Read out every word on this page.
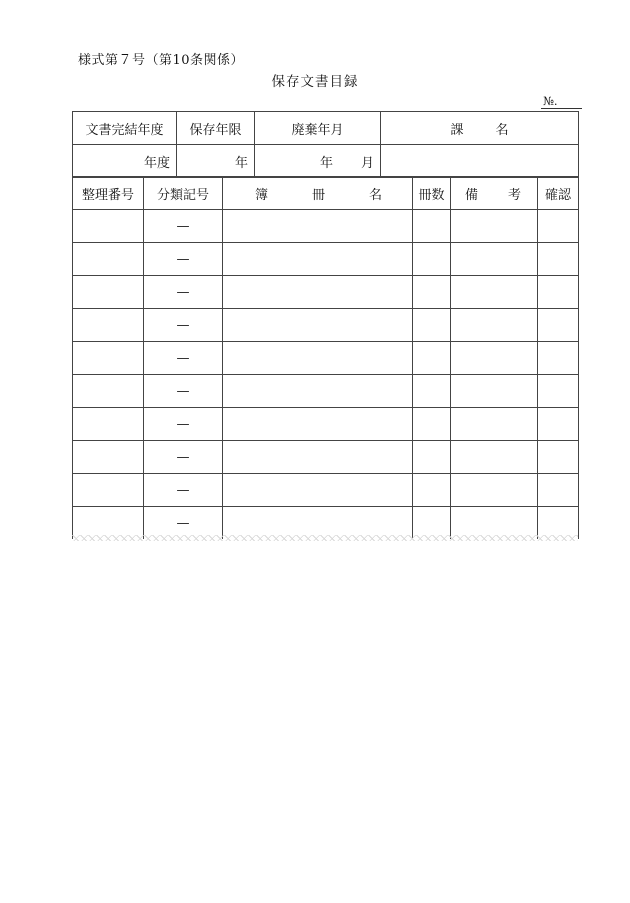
様式第７号（第10条関係）
保存文書目録
№.
文書完結年度	保存年限	廃棄年月	課 名
年度	年	年 月	

整理番号	分類記号	簿 冊 名	冊数	備 考	確認
	—				
	—				
	—				
	—				
	—				
	—				
	—				
	—				
	—				
	—				
